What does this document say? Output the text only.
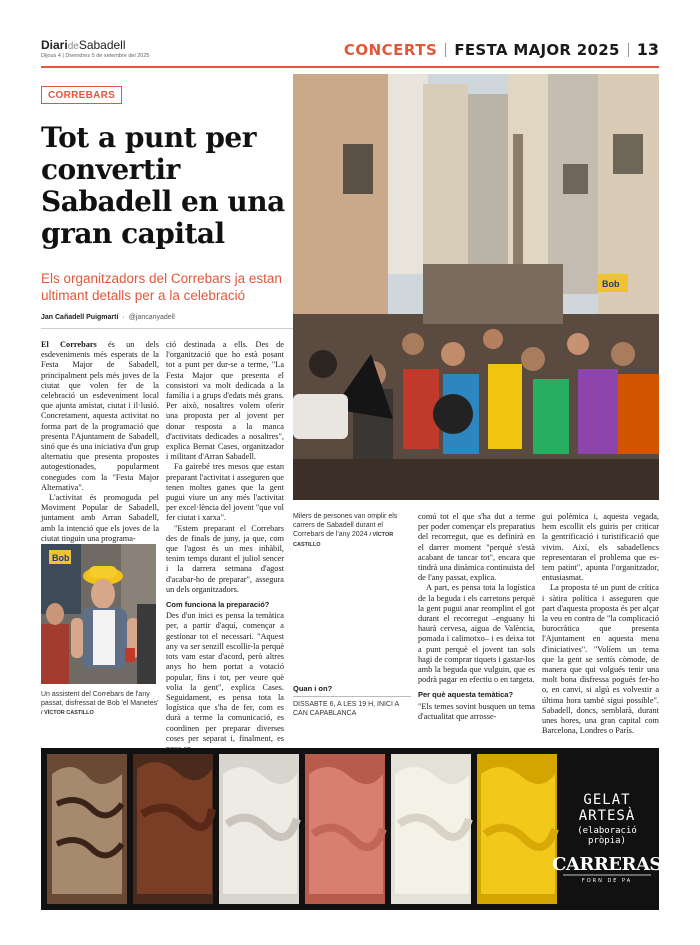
DiarideSabadell
Dijous 4 | Divendres 5 de setembre del 2025	CONCERTS FESTA MAJOR 2025 13
CORREBARS
Tot a punt per convertir Sabadell en una gran capital
Els organitzadors del Correbars ja estan ultimant detalls per a la celebració
Jan Cañadell Puigmartí · @jancanyadell

El Correbars és un dels esdeveniments més esperats de la Festa Major de Sabadell, principalment pels més joves de la ciutat que volen fer de la celebració un esdeveniment local que ajunta amistat, ciutat i il·lusió. Concretament, aquesta activitat no forma part de la programació que presenta l'Ajuntament de Sabadell, sinó que és una iniciativa d'un grup alternatiu que presenta propostes autogestionades, popularment conegudes com la "Festa Major Alternativa".

L'activitat és promoguda pel Moviment Popular de Sabadell, juntament amb Arran Sabadell, amb la intenció que els joves de la ciutat tinguin una programa-

Bob
Un assistent del Correbars de l'any passat, disfressat de Bob 'el Manetes' / VÍCTOR CASTILLO

ció destinada a ells. Des de l'organització que ho està posant tot a punt per dur-se a terme, "La Festa Major que presenta el consistori va molt dedicada a la família i a grups d'edats més grans. Per això, nosaltres volem oferir una proposta per al jovent per donar resposta a la manca d'activitats dedicades a nosaltres", explica Bernat Cases, organitzador i militant d'Arran Sabadell.

Fa gairebé tres mesos que estan preparant l'activitat i asseguren que tenen moltes ganes que la gent pugui viure un any més l'activitat per excel·lència del jovent "que vol fer ciutat i xarxa".

"Estem preparant el Correbars des de finals de juny, ja que, com que l'agost és un mes inhàbil, tenim temps durant el juliol sencer i la darrera setmana d'agost d'acabar-ho de preparar", assegura un dels organitzadors.

Com funciona la preparació?

Des d'un inici es pensa la temàtica per, a partir d'aquí, començar a gestionar tot el necessari. "Aquest any va ser senzill escollir-la perquè tots vam estar d'acord, però altres anys ho hem portat a votació popular, fins i tot, per veure què volia la gent", explica Cases. Seguidament, es pensa tota la logística que s'ha de fer, com es durà a terme la comunicació, es coordinen per preparar diverses coses per separat i, finalment, es

Bob
Milers de persones van omplir els carrers de Sabadell durant el Correbars de l'any 2024 / VÍCTOR CASTILLO
Quan i on?
DISSABTE 6, A LES 19 H, INICI A CAN CAPABLANCA

comú tot el que s'ha dut a terme per poder començar els preparatius del recorregut, que es definirà en el darrer moment "perquè s'està acabant de tancar tot", encara que tindrà una dinàmica continuista del de l'any passat, explica.

A part, es pensa tota la logística de la beguda i els carretons perquè la gent pugui anar reomplint el got durant el recorregut –enguany hi haurà cervesa, aigua de València, pomada i calimotxo– i es deixa tot a punt perquè el jovent tan sols hagi de comprar tiquets i gastar-los amb la beguda que vulguin, que es podrà pagar en efectiu o en targeta.

Per què aquesta temàtica?

"Els temes sovint busquen un tema d'actualitat que arrosse-

gui polèmica i, aquesta vegada, hem escollit els guiris per criticar la gentrificació i turistificació que vivim. Així, els sabadellencs representaran el problema que es-tem patint", apunta l'organitzador, entusiasmat.

La proposta té un punt de crítica i sàtira política i asseguren que part d'aquesta proposta és per alçar la veu en contra de "la complicació burocràtica que presenta l'Ajuntament en aquesta mena d'iniciatives". "Volíem un tema que la gent se sentís còmode, de manera que qui volgués tenir una molt bona disfressa pogués fer-ho o, en canvi, si algú es volvestir a última hora també sigui possible". Sabadell, doncs, semblarà, durant unes hores, una gran capital com Barcelona, Londres o París.

GELAT
ARTESÀ
(elaboració pròpia)
CARRERAS
FORN DE PA
